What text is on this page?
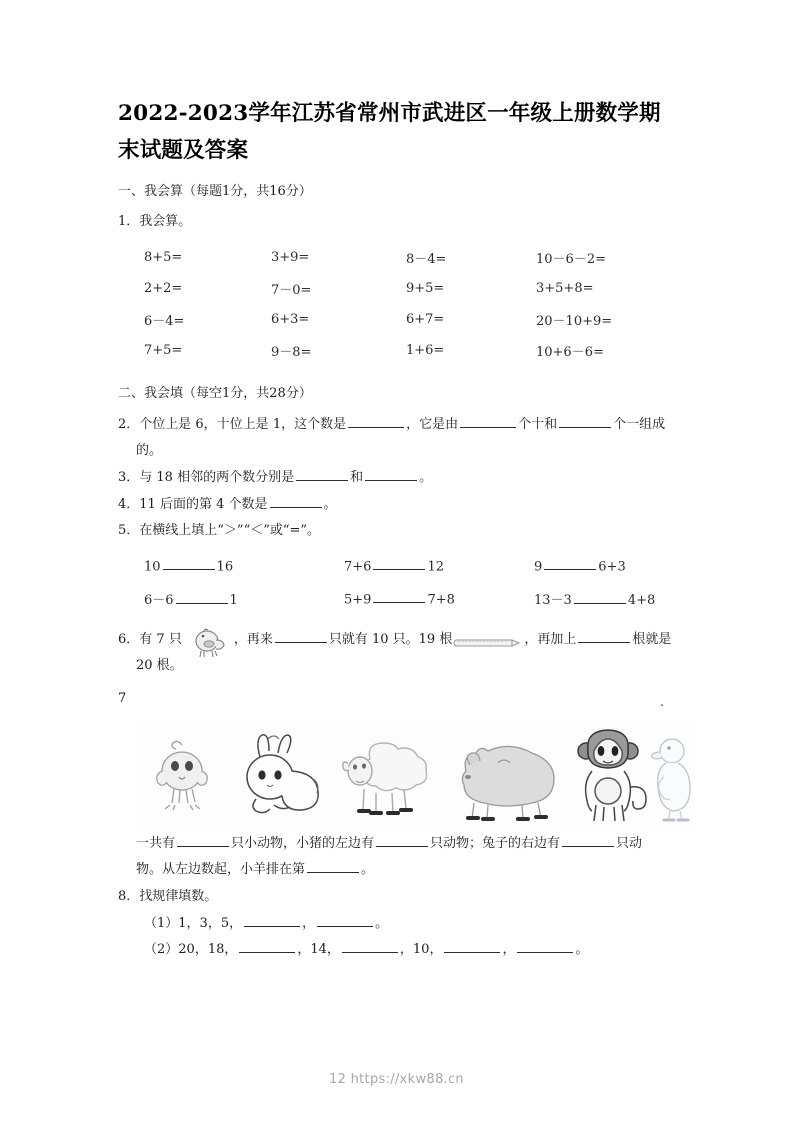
2022-2023学年江苏省常州市武进区一年级上册数学期末试题及答案
一、我会算（每题1分，共16分）
1．我会算。
8+5=	3+9=	8－4=	10－6－2=
2+2=	7－0=	9+5=	3+5+8=
6－4=	6+3=	6+7=	20－10+9=
7+5=	9－8=	1+6=	10+6－6=
二、我会填（每空1分，共28分）
2．个位上是 6，十位上是 1，这个数是	，它是由	个十和	个一组成
的。
3．与 18 相邻的两个数分别是	和	。
4．11 后面的第 4 个数是	。
5．在横线上填上“＞”“＜”或“=”。
10	16	7+6	12	9	6+3
6－6	1	5+9	7+8	13－3	4+8
6．有 7 只	，再来	只就有 10 只。19 根	，再加上	根就是
20 根。
7	.
一共有	只小动物，小猪的左边有	只动物；兔子的右边有	只动
物。从左边数起，小羊排在第	。
8．找规律填数。
（1）1，3，5，	，	。
（2）20，18，	，14，	，10，	，	。
12 https://xkw88.cn
